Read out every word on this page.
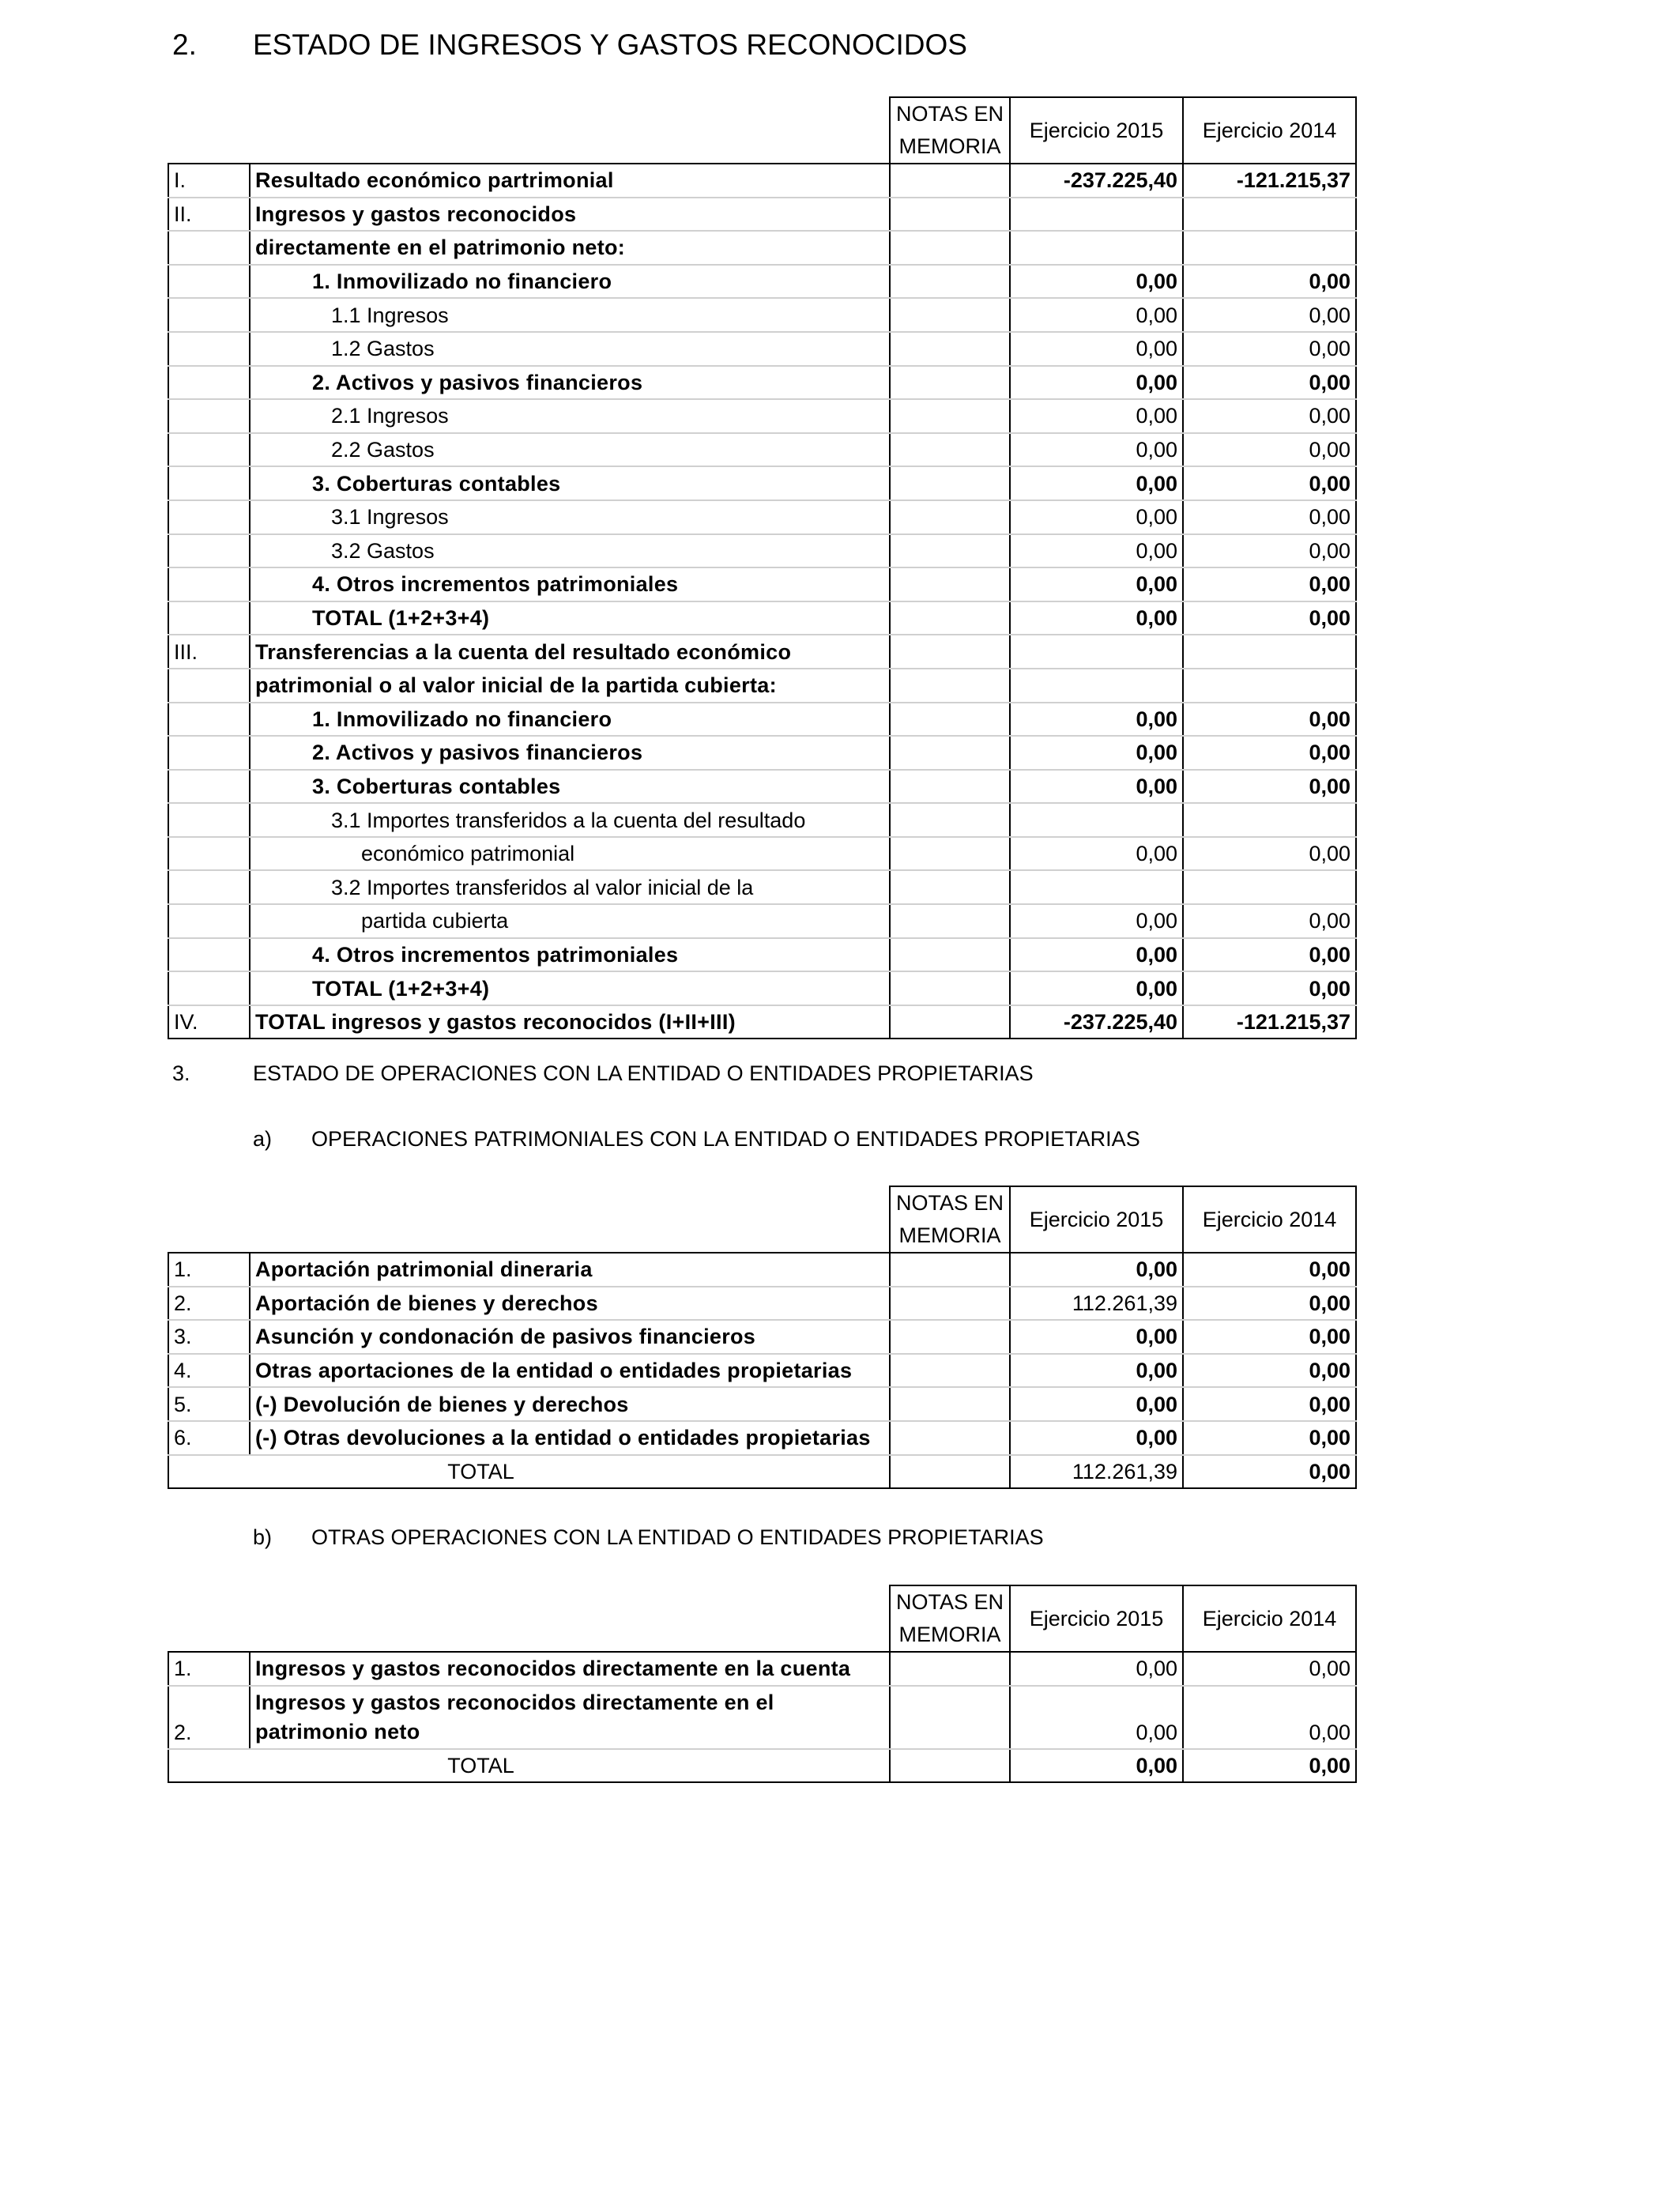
2. ESTADO DE INGRESOS Y GASTOS RECONOCIDOS
		NOTAS EN MEMORIA	Ejercicio 2015	Ejercicio 2014
I.	Resultado económico partrimonial		-237.225,40	-121.215,37
II.	Ingresos y gastos reconocidos			
	directamente en el patrimonio neto:			
	1. Inmovilizado no financiero		0,00	0,00
	1.1 Ingresos		0,00	0,00
	1.2 Gastos		0,00	0,00
	2. Activos y pasivos financieros		0,00	0,00
	2.1 Ingresos		0,00	0,00
	2.2 Gastos		0,00	0,00
	3. Coberturas contables		0,00	0,00
	3.1 Ingresos		0,00	0,00
	3.2 Gastos		0,00	0,00
	4. Otros incrementos patrimoniales		0,00	0,00
	TOTAL (1+2+3+4)		0,00	0,00
III.	Transferencias a la cuenta del resultado económico			
	patrimonial o al valor inicial de la partida cubierta:			
	1. Inmovilizado no financiero		0,00	0,00
	2. Activos y pasivos financieros		0,00	0,00
	3. Coberturas contables		0,00	0,00
	3.1 Importes transferidos a la cuenta del resultado			
	económico patrimonial		0,00	0,00
	3.2 Importes transferidos al valor inicial de la			
	partida cubierta		0,00	0,00
	4. Otros incrementos patrimoniales		0,00	0,00
	TOTAL (1+2+3+4)		0,00	0,00
IV.	TOTAL ingresos y gastos reconocidos (I+II+III)		-237.225,40	-121.215,37
3.	ESTADO DE OPERACIONES CON LA ENTIDAD O ENTIDADES PROPIETARIAS
a) OPERACIONES PATRIMONIALES CON LA ENTIDAD O ENTIDADES PROPIETARIAS
		NOTAS EN MEMORIA	Ejercicio 2015	Ejercicio 2014
1.	Aportación patrimonial dineraria		0,00	0,00
2.	Aportación de bienes y derechos		112.261,39	0,00
3.	Asunción y condonación de pasivos financieros		0,00	0,00
4.	Otras aportaciones de la entidad o entidades propietarias		0,00	0,00
5.	(-) Devolución de bienes y derechos		0,00	0,00
6.	(-) Otras devoluciones a la entidad o entidades propietarias		0,00	0,00
	TOTAL		112.261,39	0,00
b) OTRAS OPERACIONES CON LA ENTIDAD O ENTIDADES PROPIETARIAS
		NOTAS EN MEMORIA	Ejercicio 2015	Ejercicio 2014
1.	Ingresos y gastos reconocidos directamente en la cuenta		0,00	0,00
2.	Ingresos y gastos reconocidos directamente en el patrimonio neto		0,00	0,00
	TOTAL		0,00	0,00
